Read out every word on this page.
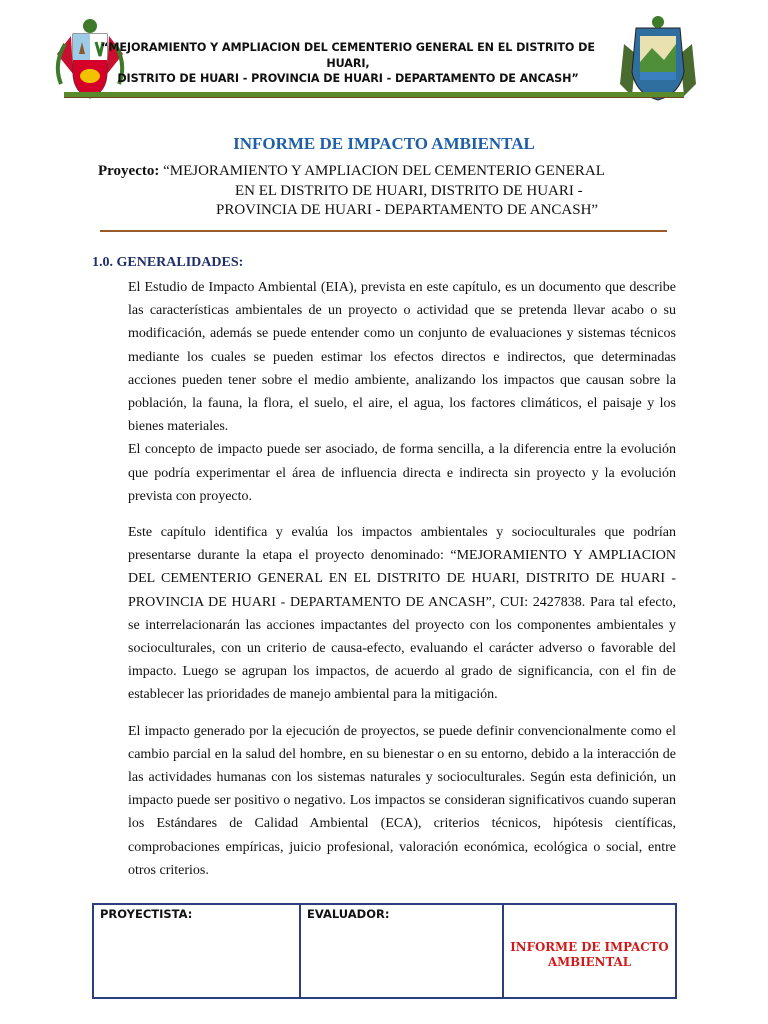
“MEJORAMIENTO Y AMPLIACION DEL CEMENTERIO GENERAL EN EL DISTRITO DE HUARI,
DISTRITO DE HUARI - PROVINCIA DE HUARI - DEPARTAMENTO DE ANCASH”
INFORME DE IMPACTO AMBIENTAL
Proyecto: “MEJORAMIENTO Y AMPLIACION DEL CEMENTERIO GENERAL
EN EL DISTRITO DE HUARI, DISTRITO DE HUARI -
PROVINCIA DE HUARI - DEPARTAMENTO DE ANCASH”
1.0. GENERALIDADES:

El Estudio de Impacto Ambiental (EIA), prevista en este capítulo, es un documento que describe las características ambientales de un proyecto o actividad que se pretenda llevar acabo o su modificación, además se puede entender como un conjunto de evaluaciones y sistemas técnicos mediante los cuales se pueden estimar los efectos directos e indirectos, que determinadas acciones pueden tener sobre el medio ambiente, analizando los impactos que causan sobre la población, la fauna, la flora, el suelo, el aire, el agua, los factores climáticos, el paisaje y los bienes materiales.

El concepto de impacto puede ser asociado, de forma sencilla, a la diferencia entre la evolución que podría experimentar el área de influencia directa e indirecta sin proyecto y la evolución prevista con proyecto.

Este capítulo identifica y evalúa los impactos ambientales y socioculturales que podrían presentarse durante la etapa el proyecto denominado: “MEJORAMIENTO Y AMPLIACION DEL CEMENTERIO GENERAL EN EL DISTRITO DE HUARI, DISTRITO DE HUARI - PROVINCIA DE HUARI - DEPARTAMENTO DE ANCASH”, CUI: 2427838. Para tal efecto, se interrelacionarán las acciones impactantes del proyecto con los componentes ambientales y socioculturales, con un criterio de causa-efecto, evaluando el carácter adverso o favorable del impacto. Luego se agrupan los impactos, de acuerdo al grado de significancia, con el fin de establecer las prioridades de manejo ambiental para la mitigación.

El impacto generado por la ejecución de proyectos, se puede definir convencionalmente como el cambio parcial en la salud del hombre, en su bienestar o en su entorno, debido a la interacción de las actividades humanas con los sistemas naturales y socioculturales. Según esta definición, un impacto puede ser positivo o negativo. Los impactos se consideran significativos cuando superan los Estándares de Calidad Ambiental (ECA), criterios técnicos, hipótesis científicas, comprobaciones empíricas, juicio profesional, valoración económica, ecológica o social, entre otros criterios.

PROYECTISTA:	EVALUADOR:
INFORME DE IMPACTO
AMBIENTAL
